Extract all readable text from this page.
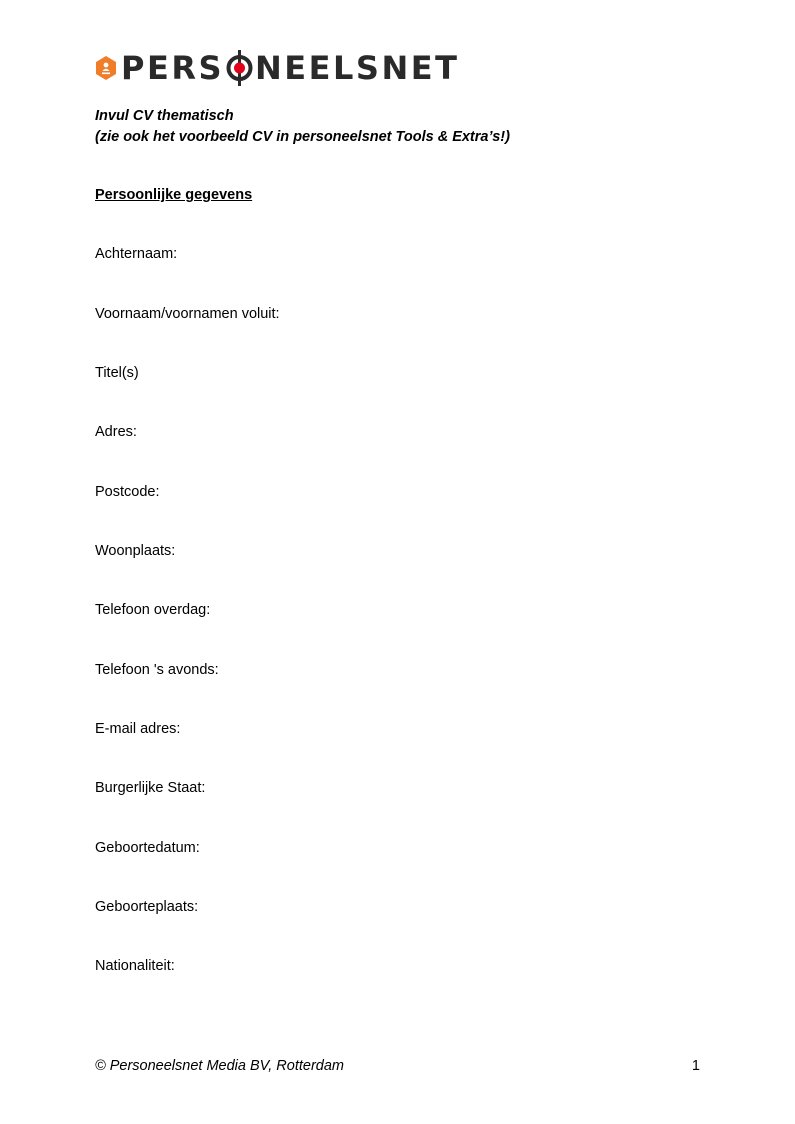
PERS NEELSNET
Invul CV thematisch
(zie ook het voorbeeld CV in personeelsnet Tools & Extra’s!)
Persoonlijke gegevens
Achternaam:
Voornaam/voornamen voluit:
Titel(s)
Adres:
Postcode:
Woonplaats:
Telefoon overdag:
Telefoon 's avonds:
E-mail adres:
Burgerlijke Staat:
Geboortedatum:
Geboorteplaats:
Nationaliteit:
© Personeelsnet Media BV, Rotterdam	1
